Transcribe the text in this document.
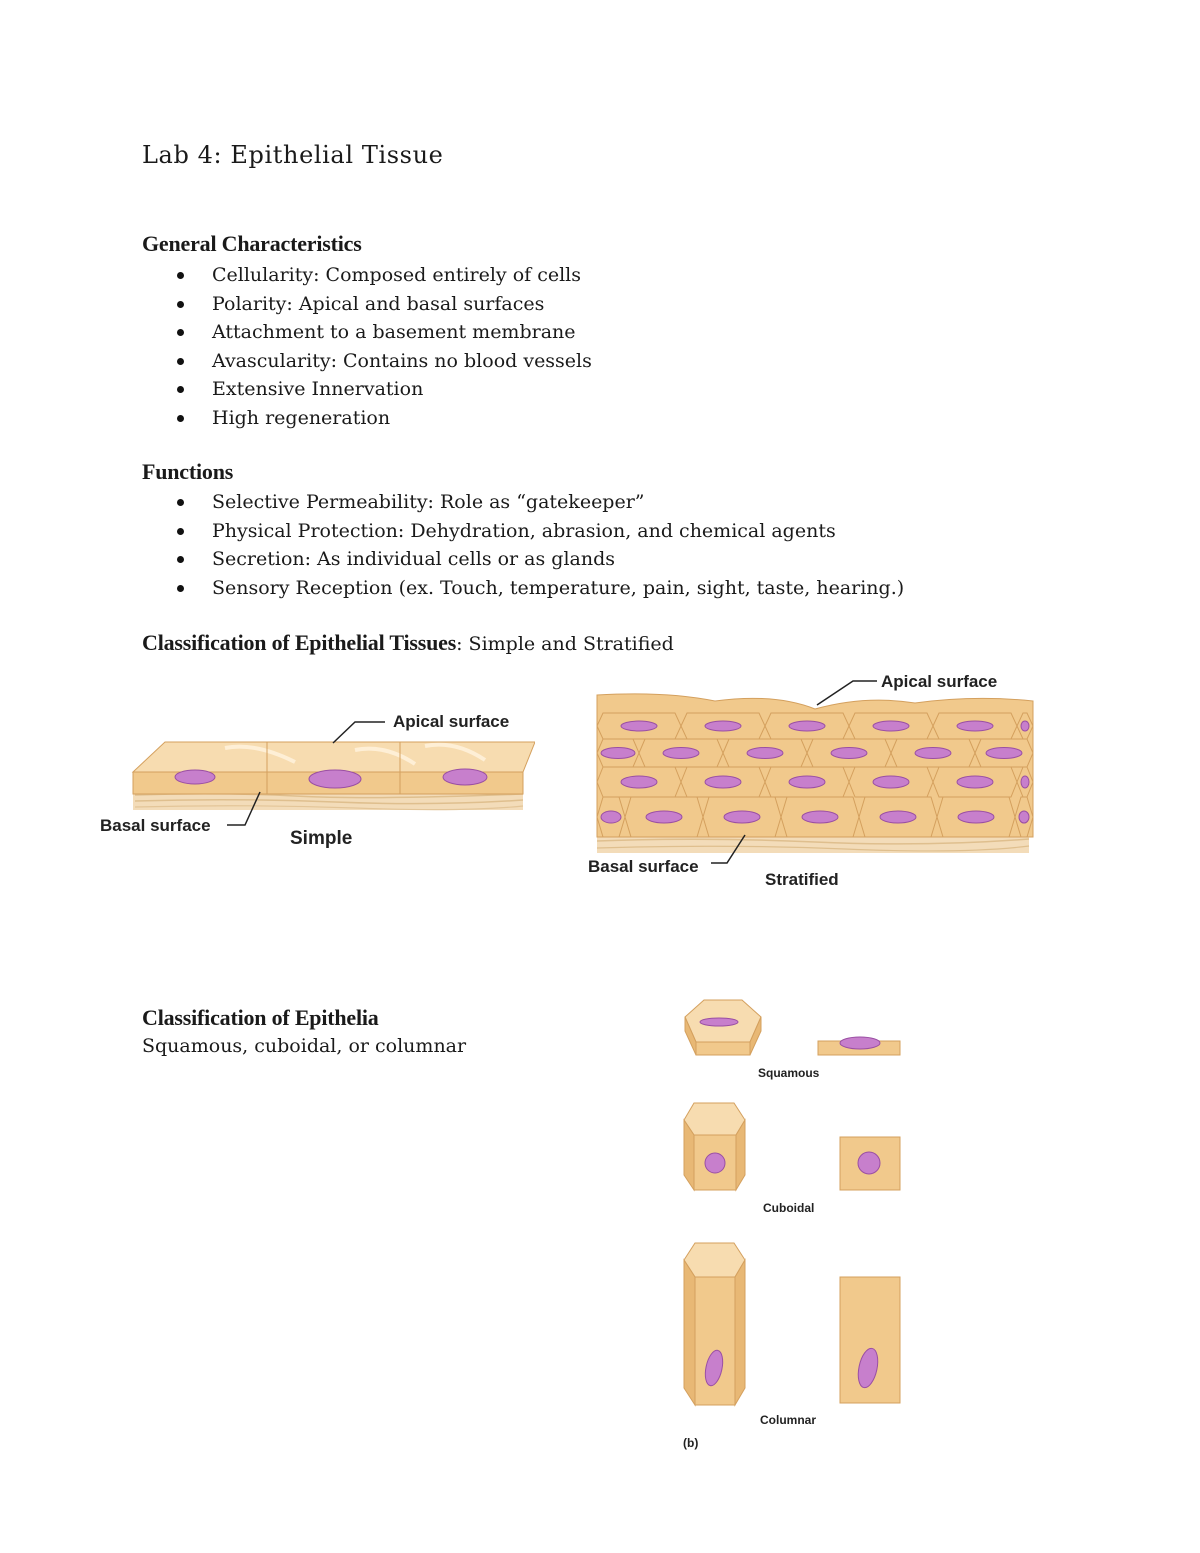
Lab 4: Epithelial Tissue
General Characteristics
Cellularity: Composed entirely of cells
Polarity: Apical and basal surfaces
Attachment to a basement membrane
Avascularity: Contains no blood vessels
Extensive Innervation
High regeneration
Functions
Selective Permeability: Role as “gatekeeper”
Physical Protection: Dehydration, abrasion, and chemical agents
Secretion: As individual cells or as glands
Sensory Reception (ex. Touch, temperature, pain, sight, taste, hearing.)
Classification of Epithelial Tissues: Simple and Stratified
Apical surface
Basal surface
Simple
Apical surface
Basal surface
Stratified
Classification of Epithelia
Squamous, cuboidal, or columnar
Squamous
Cuboidal
Columnar
(b)
